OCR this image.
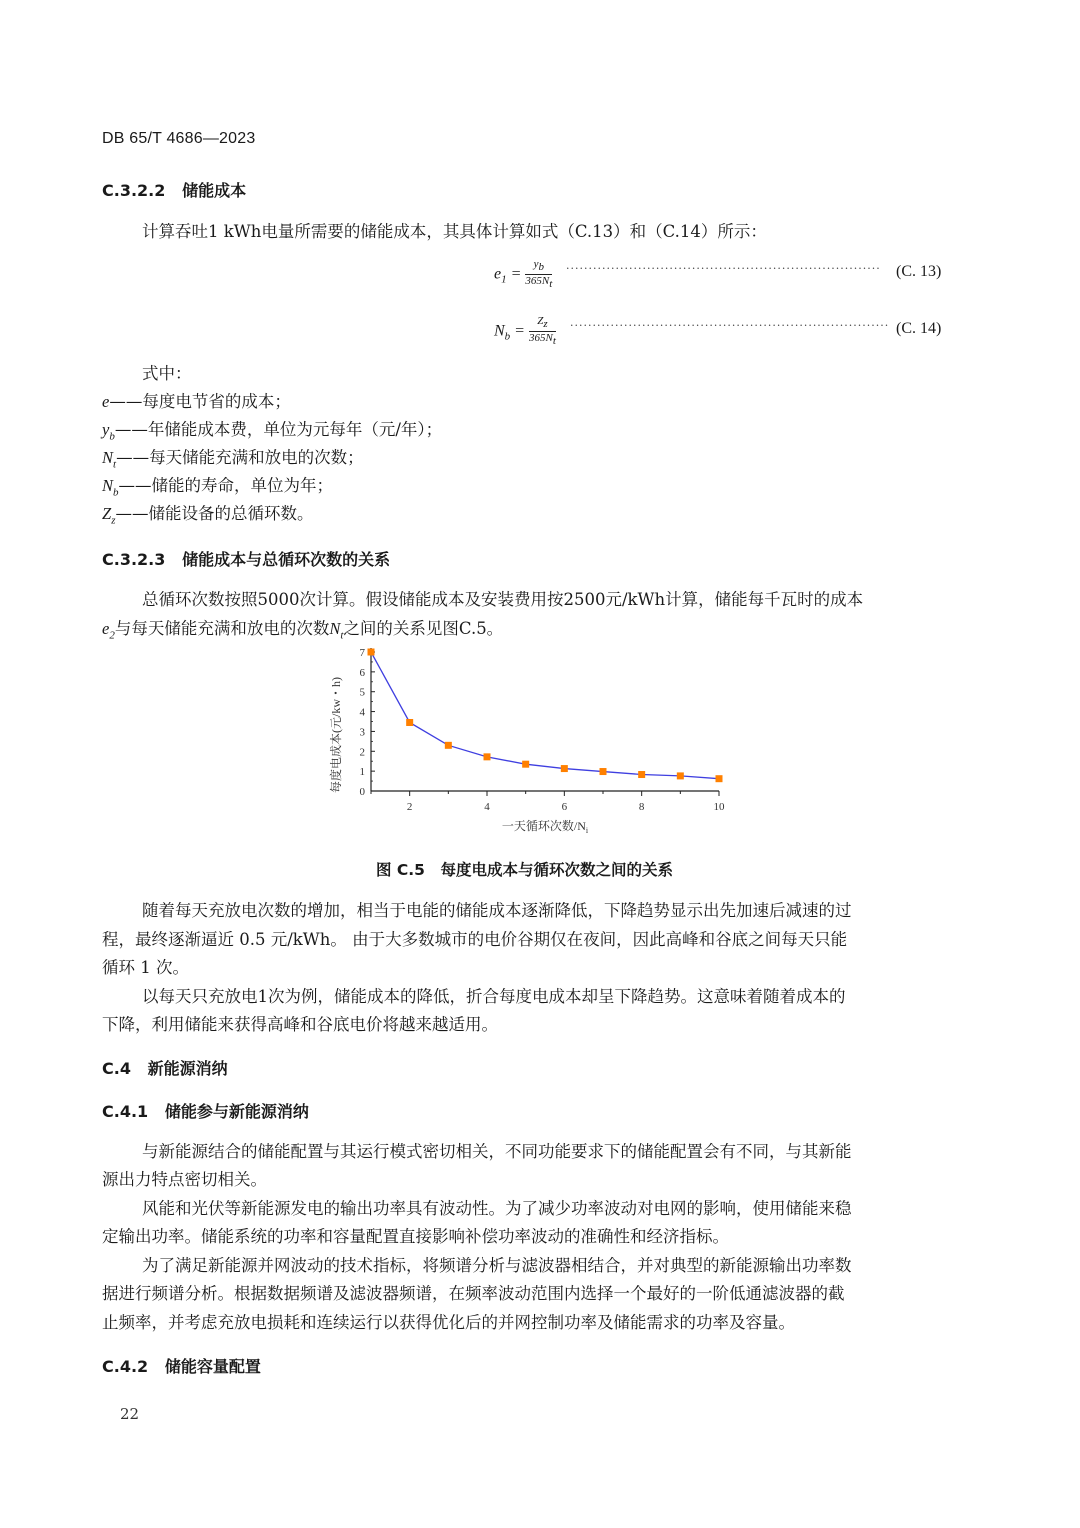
DB 65/T 4686—2023
C.3.2.2 储能成本
计算吞吐1 kWh电量所需要的储能成本，其具体计算如式（C.13）和（C.14）所示：
$e_1 = \frac{y_b}{365N_t}$ ······································································ (C. 13)
$N_b = \frac{Z_z}{365N_t}$ ······································································· (C. 14)
式中：
e——每度电节省的成本；
$y_b——$年储能成本费，单位为元每年（元/年）；
$N_t——$每天储能充满和放电的次数；
$N_b——$储能的寿命，单位为年；
$Z_z——$储能设备的总循环数。
C.3.2.3 储能成本与总循环次数的关系
总循环次数按照5000次计算。假设储能成本及安装费用按2500元/kWh计算，储能每千瓦时的成本
$e_2$与每天储能充满和放电的次数$N_t$之间的关系见图C.5。
0
1
2
3
4
5
6
7
2	4	6	8	10
每度电成本(元/kw・h)
一天循环次数$/N_i$
图 C.5　每度电成本与循环次数之间的关系
随着每天充放电次数的增加，相当于电能的储能成本逐渐降低，下降趋势显示出先加速后减速的过
程，最终逐渐逼近 0.5 元/kWh。 由于大多数城市的电价谷期仅在夜间，因此高峰和谷底之间每天只能
循环 1 次。
以每天只充放电1次为例，储能成本的降低，折合每度电成本却呈下降趋势。这意味着随着成本的
下降，利用储能来获得高峰和谷底电价将越来越适用。
C.4 新能源消纳
C.4.1 储能参与新能源消纳
与新能源结合的储能配置与其运行模式密切相关，不同功能要求下的储能配置会有不同，与其新能
源出力特点密切相关。
风能和光伏等新能源发电的输出功率具有波动性。为了减少功率波动对电网的影响，使用储能来稳
定输出功率。储能系统的功率和容量配置直接影响补偿功率波动的准确性和经济指标。
为了满足新能源并网波动的技术指标，将频谱分析与滤波器相结合，并对典型的新能源输出功率数
据进行频谱分析。根据数据频谱及滤波器频谱，在频率波动范围内选择一个最好的一阶低通滤波器的截
止频率，并考虑充放电损耗和连续运行以获得优化后的并网控制功率及储能需求的功率及容量。
C.4.2 储能容量配置
22
